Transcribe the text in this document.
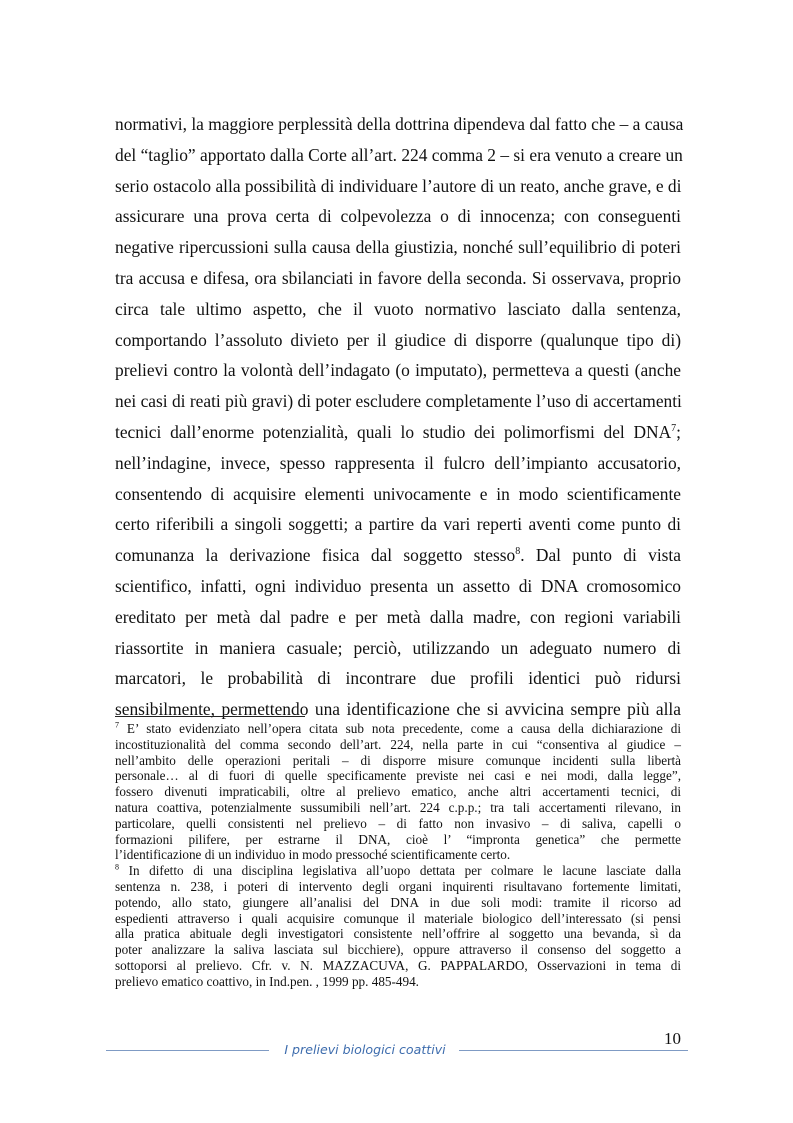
normativi, la maggiore perplessità della dottrina dipendeva dal fatto che – a causa
del “taglio” apportato dalla Corte all’art. 224 comma 2 – si era venuto a creare un
serio ostacolo alla possibilità di individuare l’autore di un reato, anche grave, e di
assicurare una prova certa di colpevolezza o di innocenza; con conseguenti
negative ripercussioni sulla causa della giustizia, nonché sull’equilibrio di poteri
tra accusa e difesa, ora sbilanciati in favore della seconda. Si osservava, proprio
circa tale ultimo aspetto, che il vuoto normativo lasciato dalla sentenza,
comportando l’assoluto divieto per il giudice di disporre (qualunque tipo di)
prelievi contro la volontà dell’indagato (o imputato), permetteva a questi (anche
nei casi di reati più gravi) di poter escludere completamente l’uso di accertamenti
tecnici dall’enorme potenzialità, quali lo studio dei polimorfismi del DNA$^7$;
nell’indagine, invece, spesso rappresenta il fulcro dell’impianto accusatorio,
consentendo di acquisire elementi univocamente e in modo scientificamente
certo riferibili a singoli soggetti; a partire da vari reperti aventi come punto di
comunanza la derivazione fisica dal soggetto stesso$^8$. Dal punto di vista
scientifico, infatti, ogni individuo presenta un assetto di DNA cromosomico
ereditato per metà dal padre e per metà dalla madre, con regioni variabili
riassortite in maniera casuale; perciò, utilizzando un adeguato numero di
marcatori, le probabilità di incontrare due profili identici può ridursi
sensibilmente, permettendo una identificazione che si avvicina sempre più alla
$^7$ E’ stato evidenziato nell’opera citata sub nota precedente, come a causa della dichiarazione di
incostituzionalità del comma secondo dell’art. 224, nella parte in cui “consentiva al giudice –
nell’ambito delle operazioni peritali – di disporre misure comunque incidenti sulla libertà
personale… al di fuori di quelle specificamente previste nei casi e nei modi, dalla legge”,
fossero divenuti impraticabili, oltre al prelievo ematico, anche altri accertamenti tecnici, di
natura coattiva, potenzialmente sussumibili nell’art. 224 c.p.p.; tra tali accertamenti rilevano, in
particolare, quelli consistenti nel prelievo – di fatto non invasivo – di saliva, capelli o
formazioni pilifere, per estrarne il DNA, cioè l’ “impronta genetica” che permette
l’identificazione di un individuo in modo pressoché scientificamente certo.
$^8$ In difetto di una disciplina legislativa all’uopo dettata per colmare le lacune lasciate dalla
sentenza n. 238, i poteri di intervento degli organi inquirenti risultavano fortemente limitati,
potendo, allo stato, giungere all’analisi del DNA in due soli modi: tramite il ricorso ad
espedienti attraverso i quali acquisire comunque il materiale biologico dell’interessato (si pensi
alla pratica abituale degli investigatori consistente nell’offrire al soggetto una bevanda, sì da
poter analizzare la saliva lasciata sul bicchiere), oppure attraverso il consenso del soggetto a
sottoporsi al prelievo. Cfr. v. N. MAZZACUVA, G. PAPPALARDO, Osservazioni in tema di
prelievo ematico coattivo, in Ind.pen. , 1999 pp. 485-494.
10
I prelievi biologici coattivi
